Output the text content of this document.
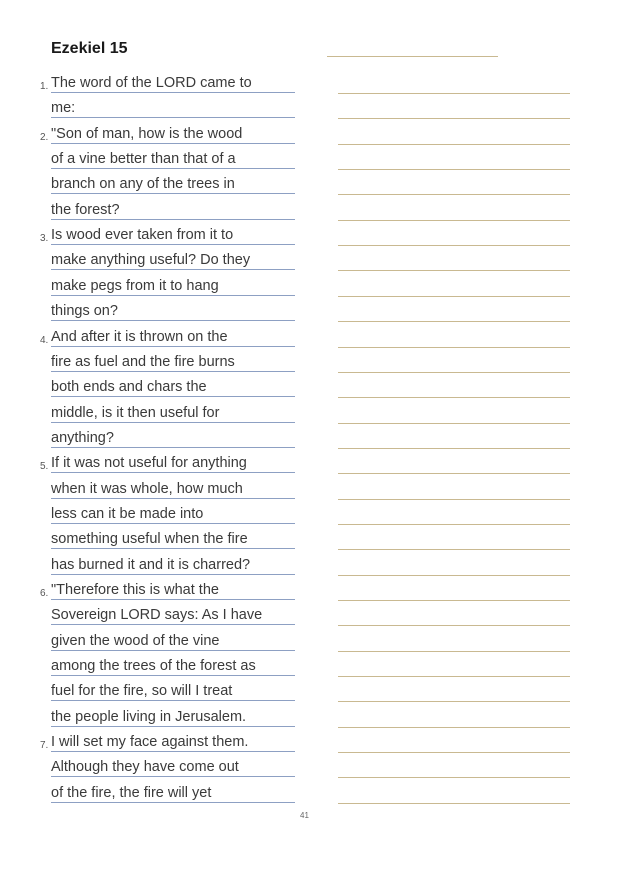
Ezekiel 15
The word of the LORD came to
1.
me:
"Son of man, how is the wood
2.
of a vine better than that of a
branch on any of the trees in
the forest?
Is wood ever taken from it to
3.
make anything useful? Do they
make pegs from it to hang
things on?
And after it is thrown on the
4.
fire as fuel and the fire burns
both ends and chars the
middle, is it then useful for
anything?
If it was not useful for anything
5.
when it was whole, how much
less can it be made into
something useful when the fire
has burned it and it is charred?
"Therefore this is what the
6.
Sovereign LORD says: As I have
given the wood of the vine
among the trees of the forest as
fuel for the fire, so will I treat
the people living in Jerusalem.
I will set my face against them.
7.
Although they have come out
of the fire, the fire will yet
41
